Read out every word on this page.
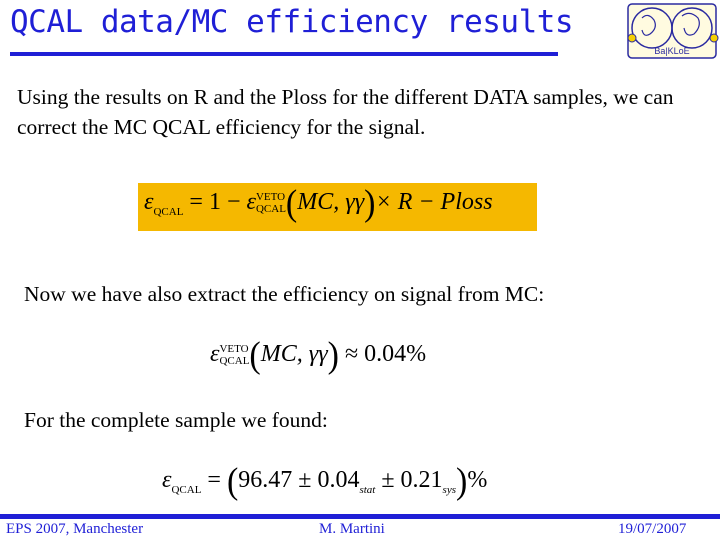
QCAL data/MC efficiency results
Ba|KLoE

Using the results on R and the Ploss for the different DATA samples, we can correct the MC QCAL efficiency for the signal.

εQCAL = 1 − ε VETO
QCAL (MC, γγ)× R − Ploss

Now we have also extract the efficiency on signal from MC:

ε VETO
QCAL (MC, γγ) ≈ 0.04%

For the complete sample we found:

εQCAL = (96.47 ± 0.04stat ± 0.21sys)%
EPS 2007, Manchester	M. Martini	19/07/2007
